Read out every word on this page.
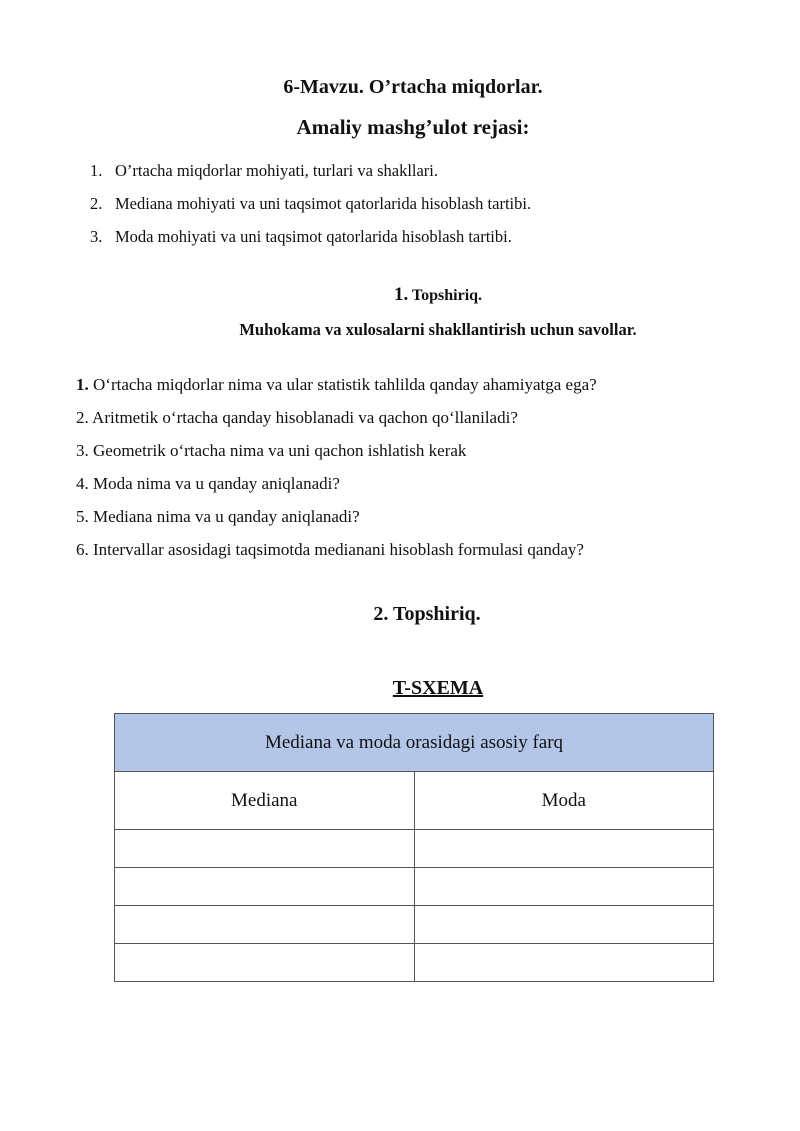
6-Mavzu. O’rtacha miqdorlar.
Amaliy mashg’ulot rejasi:
1. O’rtacha miqdorlar mohiyati, turlari va shakllari.
2. Mediana mohiyati va uni taqsimot qatorlarida hisoblash tartibi.
3. Moda mohiyati va uni taqsimot qatorlarida hisoblash tartibi.
1. Topshiriq.
Muhokama va xulosalarni shakllantirish uchun savollar.
1. O‘rtacha miqdorlar nima va ular statistik tahlilda qanday ahamiyatga ega?
2. Aritmetik o‘rtacha qanday hisoblanadi va qachon qo‘llaniladi?
3. Geometrik o‘rtacha nima va uni qachon ishlatish kerak
4. Moda nima va u qanday aniqlanadi?
5. Mediana nima va u qanday aniqlanadi?
6. Intervallar asosidagi taqsimotda medianani hisoblash formulasi qanday?
2. Topshiriq.
T-SXEMA
Mediana va moda orasidagi asosiy farq	
Mediana	Moda
